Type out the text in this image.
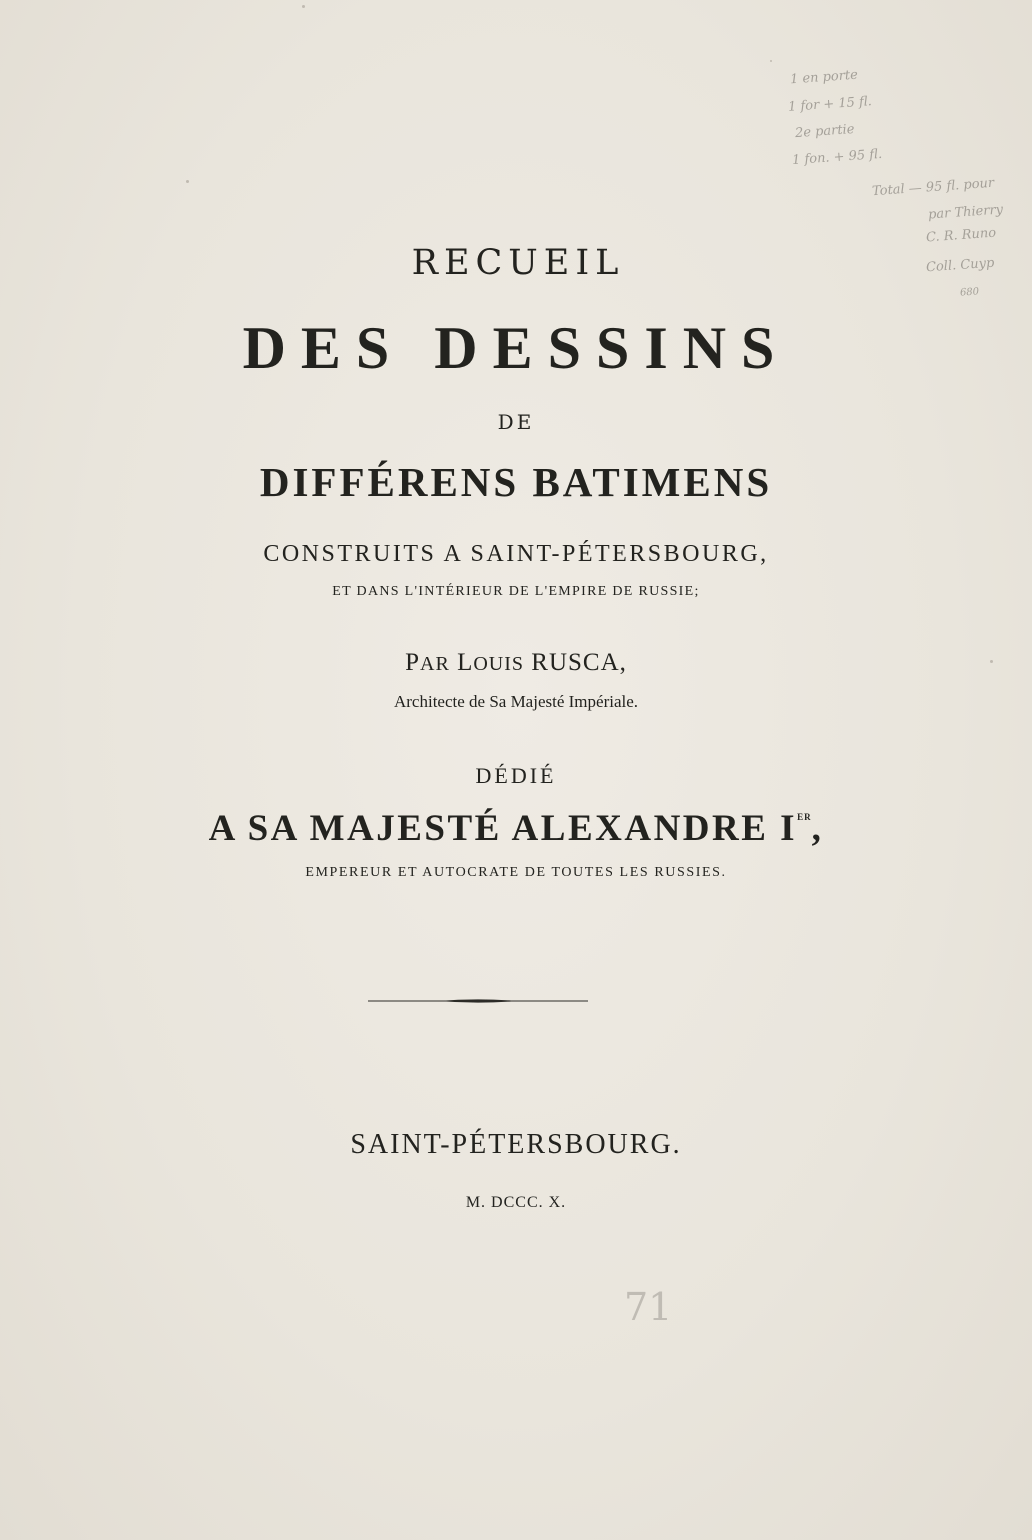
RECUEIL
DES DESSINS
DE
DIFFÉRENS BATIMENS
CONSTRUITS A SAINT-PÉTERSBOURG,
ET DANS L'INTÉRIEUR DE L'EMPIRE DE RUSSIE;
PAR LOUIS RUSCA,
Architecte de Sa Majesté Impériale.
DÉDIÉ
A SA MAJESTÉ ALEXANDRE IER,
EMPEREUR ET AUTOCRATE DE TOUTES LES RUSSIES.
SAINT-PÉTERSBOURG.
M. DCCC. X.
1 en porte
1 for + 15 fl.
2e partie
1 fon. + 95 fl.
Total — 95 fl. pour
par Thierry
C. R. Runo
Coll. Cuyp
680
71
